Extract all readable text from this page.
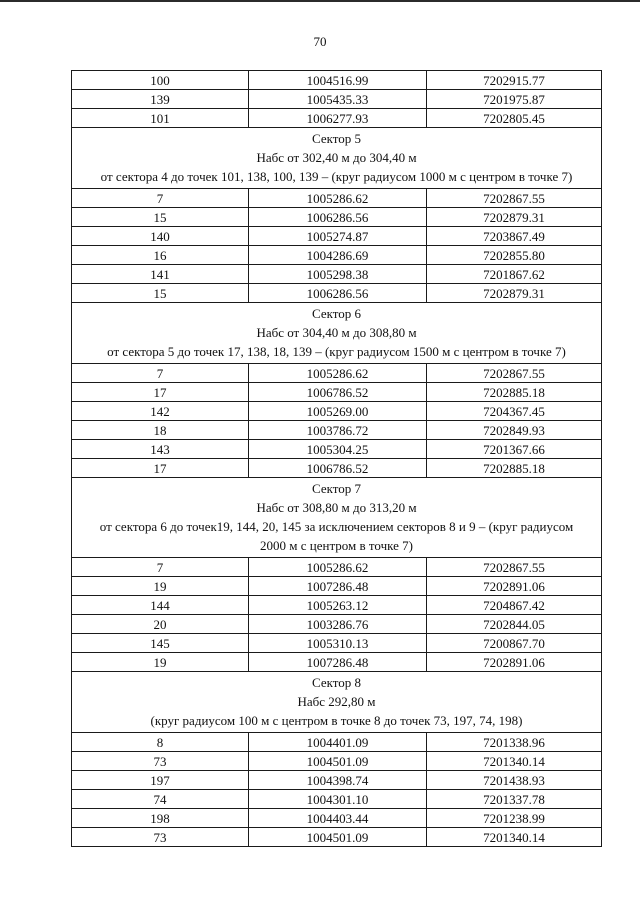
70
100	1004516.99	7202915.77
139	1005435.33	7201975.87
101	1006277.93	7202805.45

Сектор 5
Набс от 302,40 м до 304,40 м
от сектора 4 до точек 101, 138, 100, 139 – (круг радиусом 1000 м с центром в точке 7)		

7	1005286.62	7202867.55
15	1006286.56	7202879.31
140	1005274.87	7203867.49
16	1004286.69	7202855.80
141	1005298.38	7201867.62
15	1006286.56	7202879.31

Сектор 6
Набс от 304,40 м до 308,80 м
от сектора 5 до точек 17, 138, 18, 139 – (круг радиусом 1500 м с центром в точке 7)		

7	1005286.62	7202867.55
17	1006786.52	7202885.18
142	1005269.00	7204367.45
18	1003786.72	7202849.93
143	1005304.25	7201367.66
17	1006786.52	7202885.18

Сектор 7
Набс от 308,80 м до 313,20 м
от сектора 6 до точек19, 144, 20, 145 за исключением секторов 8 и 9 – (круг радиусом
2000 м с центром в точке 7)		

7	1005286.62	7202867.55
19	1007286.48	7202891.06
144	1005263.12	7204867.42
20	1003286.76	7202844.05
145	1005310.13	7200867.70
19	1007286.48	7202891.06

Сектор 8
Набс 292,80 м
(круг радиусом 100 м с центром в точке 8 до точек 73, 197, 74, 198)		

8	1004401.09	7201338.96
73	1004501.09	7201340.14
197	1004398.74	7201438.93
74	1004301.10	7201337.78
198	1004403.44	7201238.99
73	1004501.09	7201340.14
